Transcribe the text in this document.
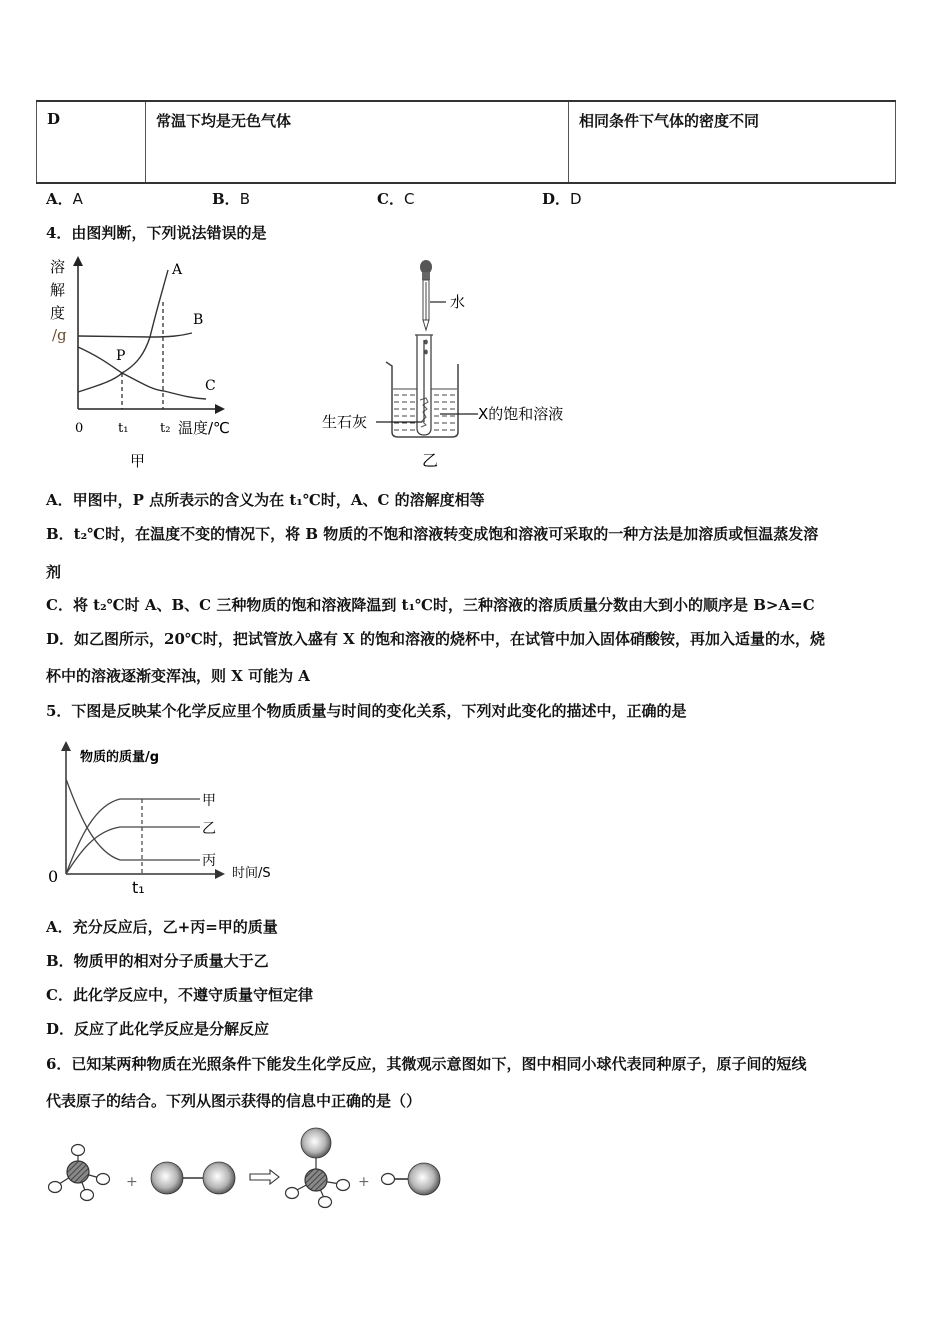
D	常温下均是无色气体	相同条件下气体的密度不同
A．A	B．B	C．C	D．D
4．由图判断，下列说法错误的是
溶
解
度
/g
A
B
C
P
0	t₁ t₂ 温度/℃
甲
水
生石灰	X的饱和溶液
乙
A．甲图中，P 点所表示的含义为在 t₁℃时，A、C 的溶解度相等
B．t₂℃时，在温度不变的情况下，将 B 物质的不饱和溶液转变成饱和溶液可采取的一种方法是加溶质或恒温蒸发溶
剂
C．将 t₂℃时 A、B、C 三种物质的饱和溶液降温到 t₁℃时，三种溶液的溶质质量分数由大到小的顺序是 B>A=C
D．如乙图所示，20℃时，把试管放入盛有 X 的饱和溶液的烧杯中，在试管中加入固体硝酸铵，再加入适量的水，烧
杯中的溶液逐渐变浑浊，则 X 可能为 A
5．下图是反映某个化学反应里个物质质量与时间的变化关系，下列对此变化的描述中，正确的是
物质的质量/g
时间/S
0
t₁
甲
乙
丙
A．充分反应后，乙+丙=甲的质量
B．物质甲的相对分子质量大于乙
C．此化学反应中，不遵守质量守恒定律
D．反应了此化学反应是分解反应
6．已知某两种物质在光照条件下能发生化学反应，其微观示意图如下，图中相同小球代表同种原子，原子间的短线
代表原子的结合。下列从图示获得的信息中正确的是（）
+	+
